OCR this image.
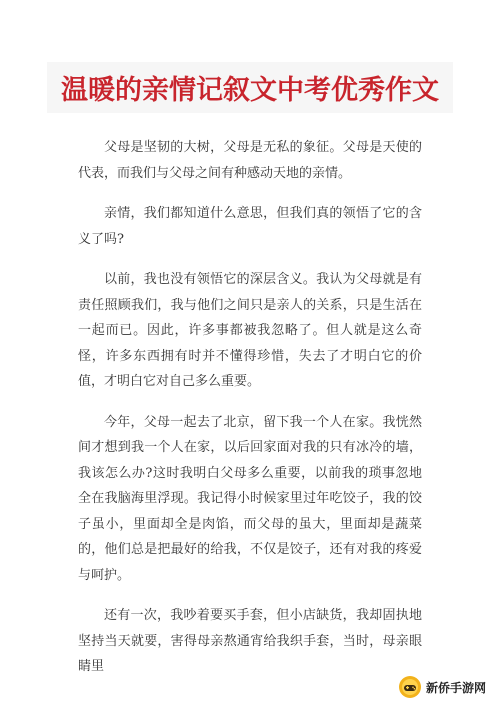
温暖的亲情记叙文中考优秀作文

父母是坚韧的大树，父母是无私的象征。父母是天使的代表，而我们与父母之间有种感动天地的亲情。

亲情，我们都知道什么意思，但我们真的领悟了它的含义了吗?

以前，我也没有领悟它的深层含义。我认为父母就是有责任照顾我们，我与他们之间只是亲人的关系，只是生活在一起而已。因此，许多事都被我忽略了。但人就是这么奇怪，许多东西拥有时并不懂得珍惜，失去了才明白它的价值，才明白它对自己多么重要。

今年，父母一起去了北京，留下我一个人在家。我恍然间才想到我一个人在家，以后回家面对我的只有冰冷的墙，我该怎么办?这时我明白父母多么重要，以前我的琐事忽地全在我脑海里浮现。我记得小时候家里过年吃饺子，我的饺子虽小，里面却全是肉馅，而父母的虽大，里面却是蔬菜的，他们总是把最好的给我，不仅是饺子，还有对我的疼爱与呵护。

还有一次，我吵着要买手套，但小店缺货，我却固执地坚持当天就要，害得母亲熬通宵给我织手套，当时，母亲眼睛里

新侨手游网
